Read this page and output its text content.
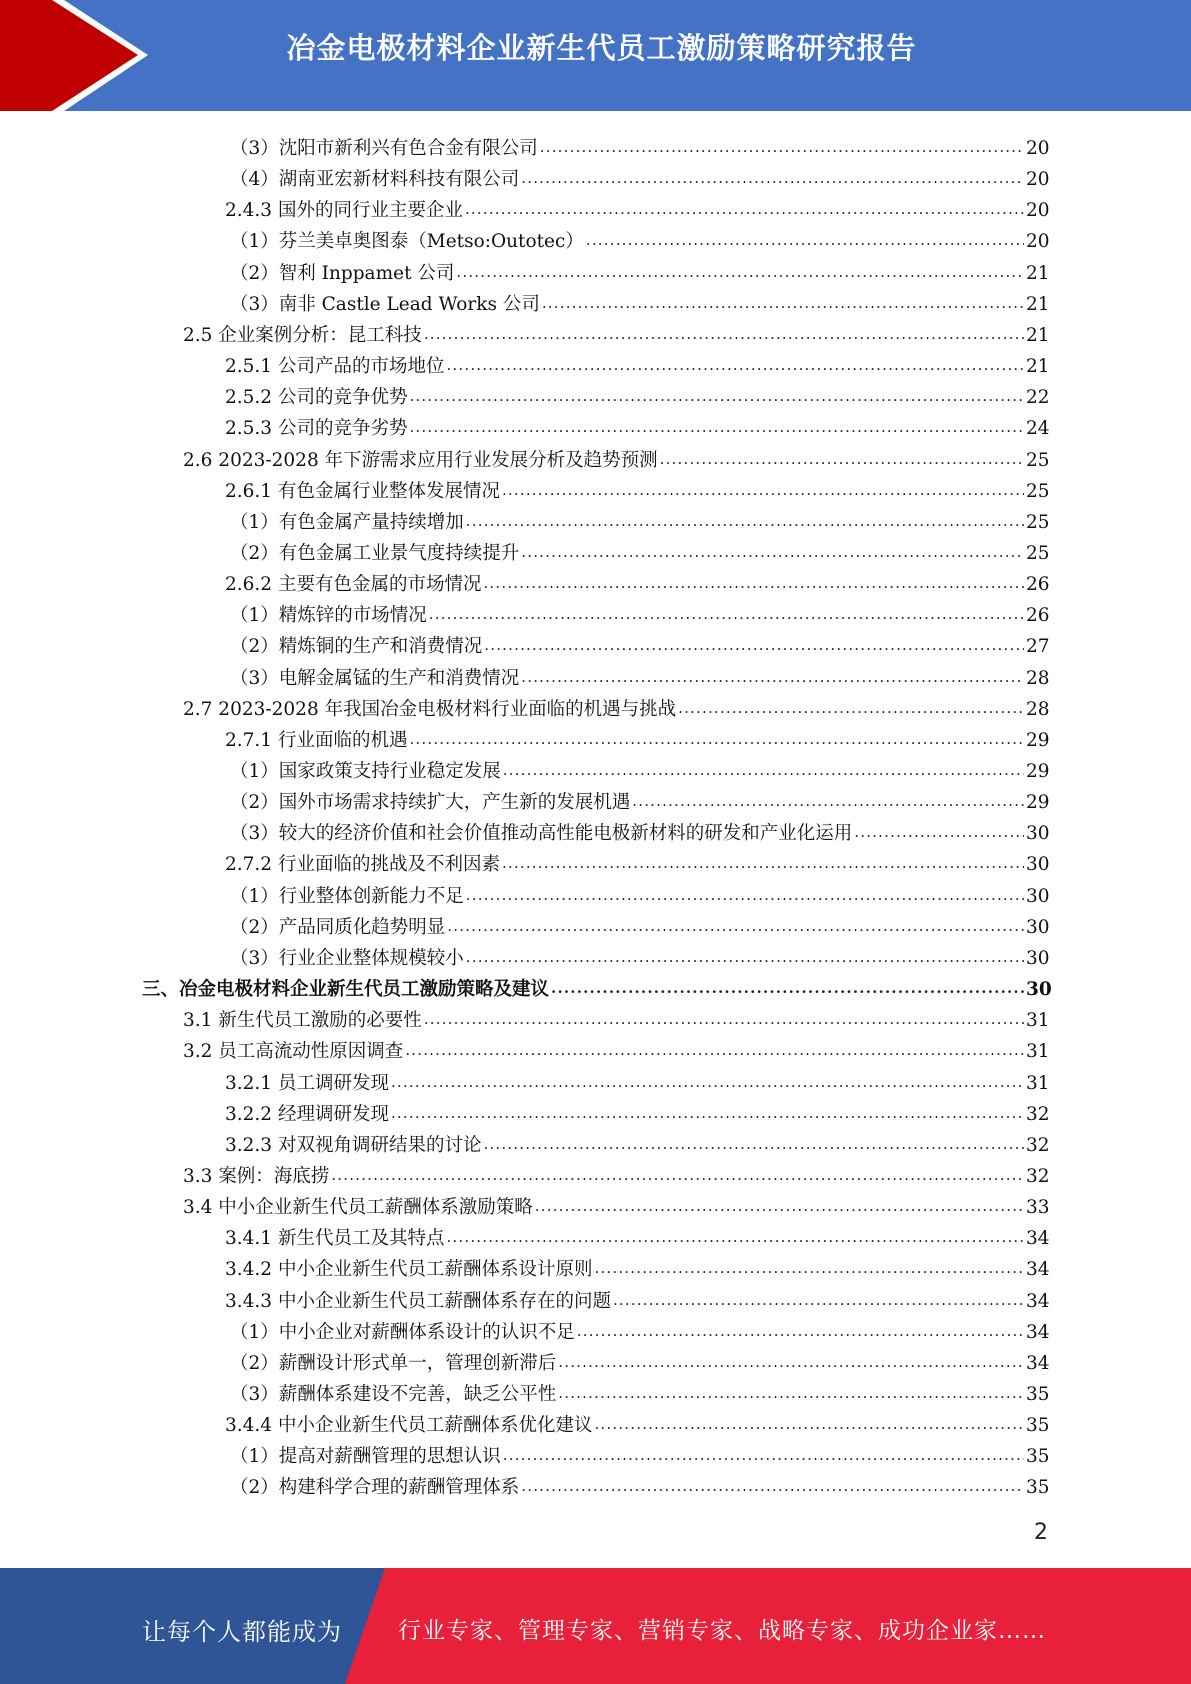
冶金电极材料企业新生代员工激励策略研究报告
（3）沈阳市新利兴有色合金有限公司 .....	20
（4）湖南亚宏新材料科技有限公司 .....	20
2.4.3 国外的同行业主要企业 .....	20
（1）芬兰美卓奥图泰（Metso:Outotec） .....	20
（2）智利 Inppamet 公司 .....	21
（3）南非 Castle Lead Works 公司 .....	21
2.5 企业案例分析：昆工科技 .....	21
2.5.1 公司产品的市场地位 .....	21
2.5.2 公司的竞争优势 .....	22
2.5.3 公司的竞争劣势 .....	24
2.6 2023-2028 年下游需求应用行业发展分析及趋势预测 .....	25
2.6.1 有色金属行业整体发展情况 .....	25
（1）有色金属产量持续增加 .....	25
（2）有色金属工业景气度持续提升 .....	25
2.6.2 主要有色金属的市场情况 .....	26
（1）精炼锌的市场情况 .....	26
（2）精炼铜的生产和消费情况 .....	27
（3）电解金属锰的生产和消费情况 .....	28
2.7 2023-2028 年我国冶金电极材料行业面临的机遇与挑战 .....	28
2.7.1 行业面临的机遇 .....	29
（1）国家政策支持行业稳定发展 .....	29
（2）国外市场需求持续扩大，产生新的发展机遇 .....	29
（3）较大的经济价值和社会价值推动高性能电极新材料的研发和产业化运用 .....	30
2.7.2 行业面临的挑战及不利因素 .....	30
（1）行业整体创新能力不足 .....	30
（2）产品同质化趋势明显 .....	30
（3）行业企业整体规模较小 .....	30
三、冶金电极材料企业新生代员工激励策略及建议 .....	30
3.1 新生代员工激励的必要性 .....	31
3.2 员工高流动性原因调查 .....	31
3.2.1 员工调研发现 .....	31
3.2.2 经理调研发现 .....	32
3.2.3 对双视角调研结果的讨论 .....	32
3.3 案例：海底捞 .....	32
3.4 中小企业新生代员工薪酬体系激励策略 .....	33
3.4.1 新生代员工及其特点 .....	34
3.4.2 中小企业新生代员工薪酬体系设计原则 .....	34
3.4.3 中小企业新生代员工薪酬体系存在的问题 .....	34
（1）中小企业对薪酬体系设计的认识不足 .....	34
（2）薪酬设计形式单一，管理创新滞后 .....	34
（3）薪酬体系建设不完善，缺乏公平性 .....	35
3.4.4 中小企业新生代员工薪酬体系优化建议 .....	35
（1）提高对薪酬管理的思想认识 .....	35
（2）构建科学合理的薪酬管理体系 .....	35
2
让每个人都能成为 行业专家、管理专家、营销专家、战略专家、成功企业家……
